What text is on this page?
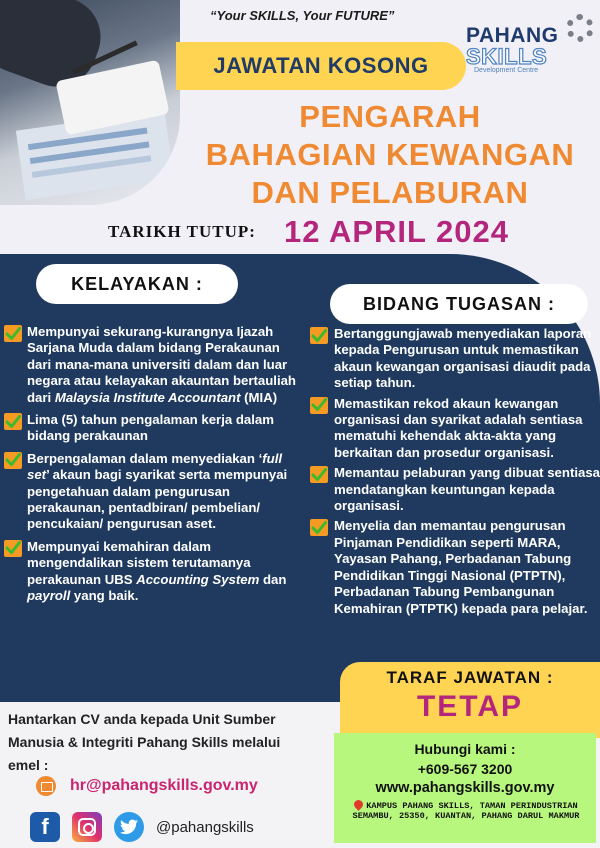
“Your SKILLS, Your FUTURE”
PAHANG
SKILLS
Development Centre
JAWATAN KOSONG
PENGARAH
BAHAGIAN KEWANGAN
DAN PELABURAN
TARIKH TUTUP: 12 APRIL 2024
KELAYAKAN :
BIDANG TUGASAN :
Mempunyai sekurang-kurangnya Ijazah Sarjana Muda dalam bidang Perakaunan dari mana-mana universiti dalam dan luar negara atau kelayakan akauntan bertauliah dari Malaysia Institute Accountant (MIA)
Lima (5) tahun pengalaman kerja dalam bidang perakaunan
Berpengalaman dalam menyediakan ‘full set’ akaun bagi syarikat serta mempunyai pengetahuan dalam pengurusan perakaunan, pentadbiran/ pembelian/ pencukaian/ pengurusan aset.
Mempunyai kemahiran dalam mengendalikan sistem terutamanya perakaunan UBS Accounting System dan payroll yang baik.
Bertanggungjawab menyediakan laporan kepada Pengurusan untuk memastikan akaun kewangan organisasi diaudit pada setiap tahun.
Memastikan rekod akaun kewangan organisasi dan syarikat adalah sentiasa mematuhi kehendak akta-akta yang berkaitan dan prosedur organisasi.
Memantau pelaburan yang dibuat sentiasa mendatangkan keuntungan kepada organisasi.
Menyelia dan memantau pengurusan Pinjaman Pendidikan seperti MARA, Yayasan Pahang, Perbadanan Tabung Pendidikan Tinggi Nasional (PTPTN), Perbadanan Tabung Pembangunan Kemahiran (PTPTK) kepada para pelajar.
Hantarkan CV anda kepada Unit Sumber Manusia & Integriti Pahang Skills melalui emel :
hr@pahangskills.gov.my
f	@pahangskills
TARAF JAWATAN :
TETAP
Hubungi kami :
+609-567 3200
www.pahangskills.gov.my
KAMPUS PAHANG SKILLS, TAMAN PERINDUSTRIAN SEMAMBU, 25350, KUANTAN, PAHANG DARUL MAKMUR
